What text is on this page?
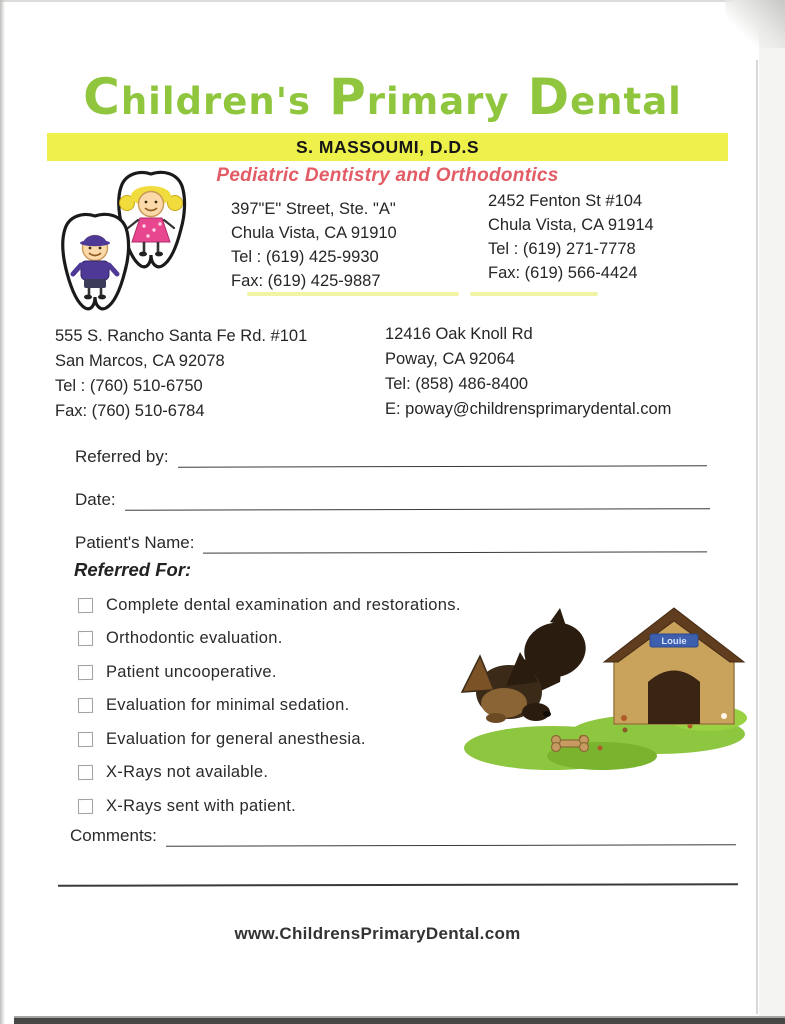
Children's Primary Dental
S. MASSOUMI, D.D.S
Pediatric Dentistry and Orthodontics
397"E" Street, Ste. "A"
Chula Vista, CA 91910
Tel : (619) 425-9930
Fax: (619) 425-9887
2452 Fenton St #104
Chula Vista, CA 91914
Tel : (619) 271-7778
Fax: (619) 566-4424
555 S. Rancho Santa Fe Rd. #101
San Marcos, CA 92078
Tel : (760) 510-6750
Fax: (760) 510-6784
12416 Oak Knoll Rd
Poway, CA 92064
Tel: (858) 486-8400
E: poway@childrensprimarydental.com
Referred by:
Date:
Patient's Name:
Referred For:
Complete dental examination and restorations.
Orthodontic evaluation.
Patient uncooperative.
Evaluation for minimal sedation.
Evaluation for general anesthesia.
X-Rays not available.
X-Rays sent with patient.
Louie
Comments:
www.ChildrensPrimaryDental.com
